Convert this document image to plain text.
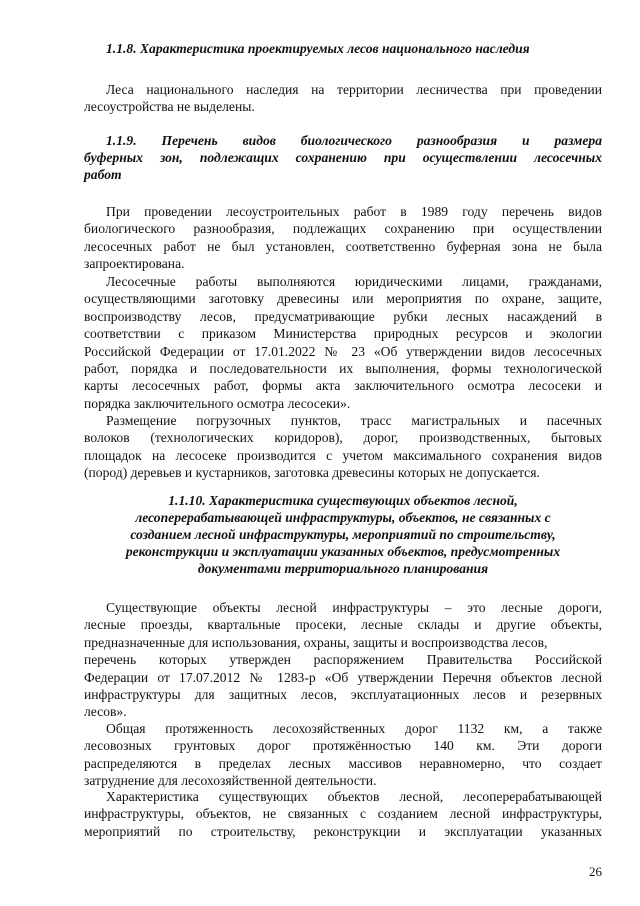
1.1.8. Характеристика проектируемых лесов национального наследия
Леса национального наследия на территории лесничества при проведении
лесоустройства не выделены.
1.1.9. Перечень видов биологического разнообразия и размера
буферных зон, подлежащих сохранению при осуществлении лесосечных
работ
При проведении лесоустроительных работ в 1989 году перечень видов
биологического разнообразия, подлежащих сохранению при осуществлении
лесосечных работ не был установлен, соответственно буферная зона не была
запроектирована.
Лесосечные работы выполняются юридическими лицами, гражданами,
осуществляющими заготовку древесины или мероприятия по охране, защите,
воспроизводству лесов, предусматривающие рубки лесных насаждений в
соответствии с приказом Министерства природных ресурсов и экологии
Российской Федерации от 17.01.2022 № 23 «Об утверждении видов лесосечных
работ, порядка и последовательности их выполнения, формы технологической
карты лесосечных работ, формы акта заключительного осмотра лесосеки и
порядка заключительного осмотра лесосеки».
Размещение погрузочных пунктов, трасс магистральных и пасечных
волоков (технологических коридоров), дорог, производственных, бытовых
площадок на лесосеке производится с учетом максимального сохранения видов
(пород) деревьев и кустарников, заготовка древесины которых не допускается.
1.1.10. Характеристика существующих объектов лесной,
лесоперерабатывающей инфраструктуры, объектов, не связанных с
созданием лесной инфраструктуры, мероприятий по строительству,
реконструкции и эксплуатации указанных объектов, предусмотренных
документами территориального планирования
Существующие объекты лесной инфраструктуры – это лесные дороги,
лесные проезды, квартальные просеки, лесные склады и другие объекты,
предназначенные для использования, охраны, защиты и воспроизводства лесов,
перечень которых утвержден распоряжением Правительства Российской
Федерации от 17.07.2012 № 1283-р «Об утверждении Перечня объектов лесной
инфраструктуры для защитных лесов, эксплуатационных лесов и резервных
лесов».
Общая протяженность лесохозяйственных дорог 1132 км, а также
лесовозных грунтовых дорог протяжённостью 140 км. Эти дороги
распределяются в пределах лесных массивов неравномерно, что создает
затруднение для лесохозяйственной деятельности.
Характеристика существующих объектов лесной, лесоперерабатывающей
инфраструктуры, объектов, не связанных с созданием лесной инфраструктуры,
мероприятий по строительству, реконструкции и эксплуатации указанных
26
